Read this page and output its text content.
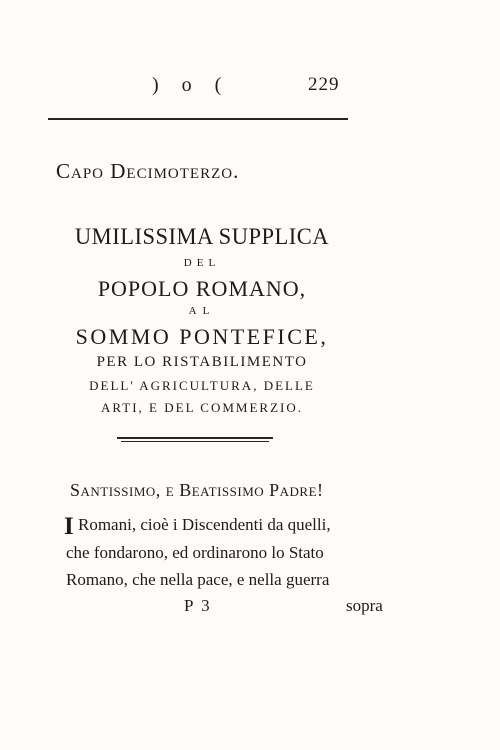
) o (	229
Capo Decimoterzo.
UMILISSIMA SUPPLICA
DEL
POPOLO ROMANO,
AL
SOMMO PONTEFICE,
PER LO RISTABILIMENTO
DELL' AGRICULTURA, DELLE
ARTI, E DEL COMMERZIO.
Santissimo, e Beatissimo Padre!
I Romani, cioè i Discendenti da quelli,
che fondarono, ed ordinarono lo Stato
Romano, che nella pace, e nella guerra
P 3	sopra
